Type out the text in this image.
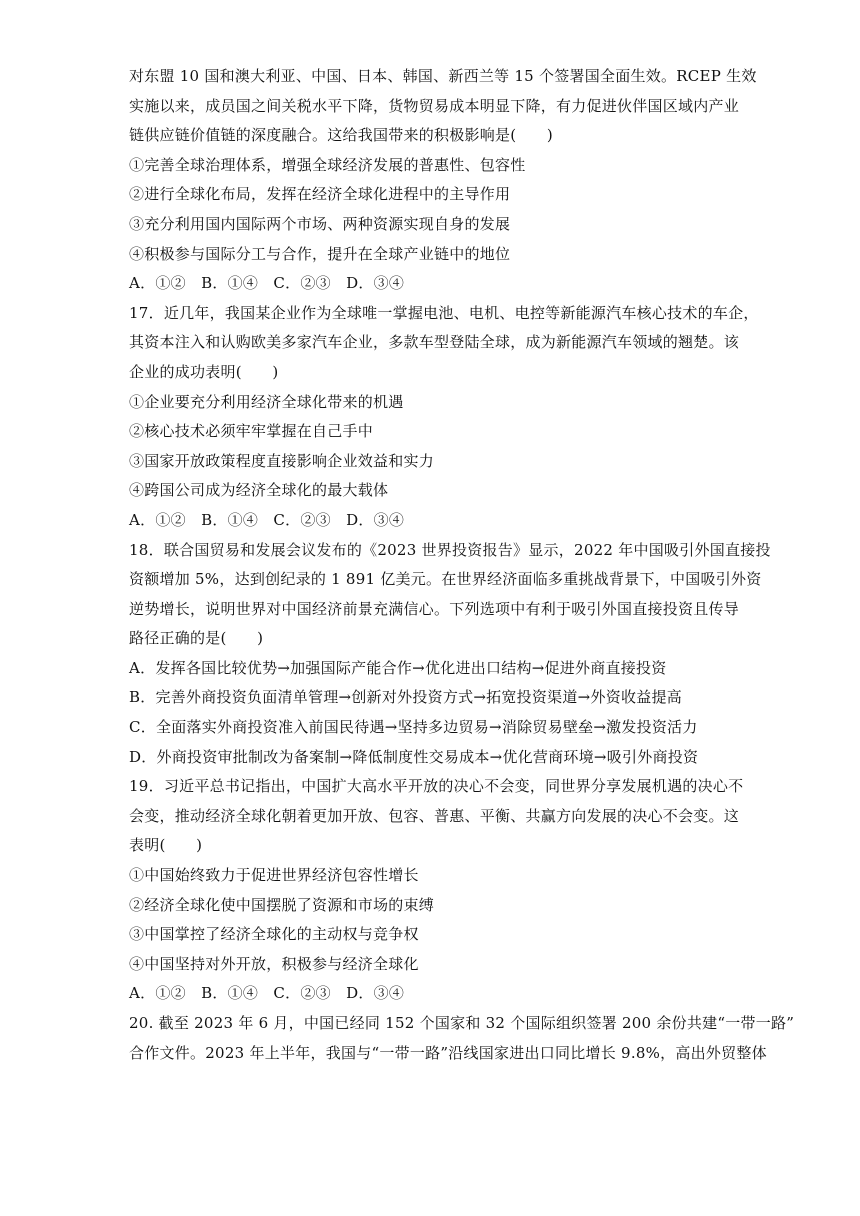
对东盟 10 国和澳大利亚、中国、日本、韩国、新西兰等 15 个签署国全面生效。RCEP 生效
实施以来，成员国之间关税水平下降，货物贸易成本明显下降，有力促进伙伴国区域内产业
链供应链价值链的深度融合。这给我国带来的积极影响是(　　)
①完善全球治理体系，增强全球经济发展的普惠性、包容性
②进行全球化布局，发挥在经济全球化进程中的主导作用
③充分利用国内国际两个市场、两种资源实现自身的发展
④积极参与国际分工与合作，提升在全球产业链中的地位
A．①②　B．①④　C．②③　D．③④
17．近几年，我国某企业作为全球唯一掌握电池、电机、电控等新能源汽车核心技术的车企，
其资本注入和认购欧美多家汽车企业，多款车型登陆全球，成为新能源汽车领域的翘楚。该
企业的成功表明(　　)
①企业要充分利用经济全球化带来的机遇
②核心技术必须牢牢掌握在自己手中
③国家开放政策程度直接影响企业效益和实力
④跨国公司成为经济全球化的最大载体
A．①②　B．①④　C．②③　D．③④
18．联合国贸易和发展会议发布的《2023 世界投资报告》显示，2022 年中国吸引外国直接投
资额增加 5%，达到创纪录的 1 891 亿美元。在世界经济面临多重挑战背景下，中国吸引外资
逆势增长，说明世界对中国经济前景充满信心。下列选项中有利于吸引外国直接投资且传导
路径正确的是(　　)
A．发挥各国比较优势→加强国际产能合作→优化进出口结构→促进外商直接投资
B．完善外商投资负面清单管理→创新对外投资方式→拓宽投资渠道→外资收益提高
C．全面落实外商投资准入前国民待遇→坚持多边贸易→消除贸易壁垒→激发投资活力
D．外商投资审批制改为备案制→降低制度性交易成本→优化营商环境→吸引外商投资
19．习近平总书记指出，中国扩大高水平开放的决心不会变，同世界分享发展机遇的决心不
会变，推动经济全球化朝着更加开放、包容、普惠、平衡、共赢方向发展的决心不会变。这
表明(　　)
①中国始终致力于促进世界经济包容性增长
②经济全球化使中国摆脱了资源和市场的束缚
③中国掌控了经济全球化的主动权与竞争权
④中国坚持对外开放，积极参与经济全球化
A．①②　B．①④　C．②③　D．③④
20. 截至 2023 年 6 月，中国已经同 152 个国家和 32 个国际组织签署 200 余份共建“一带一路”
合作文件。2023 年上半年，我国与“一带一路”沿线国家进出口同比增长 9.8%，高出外贸整体
